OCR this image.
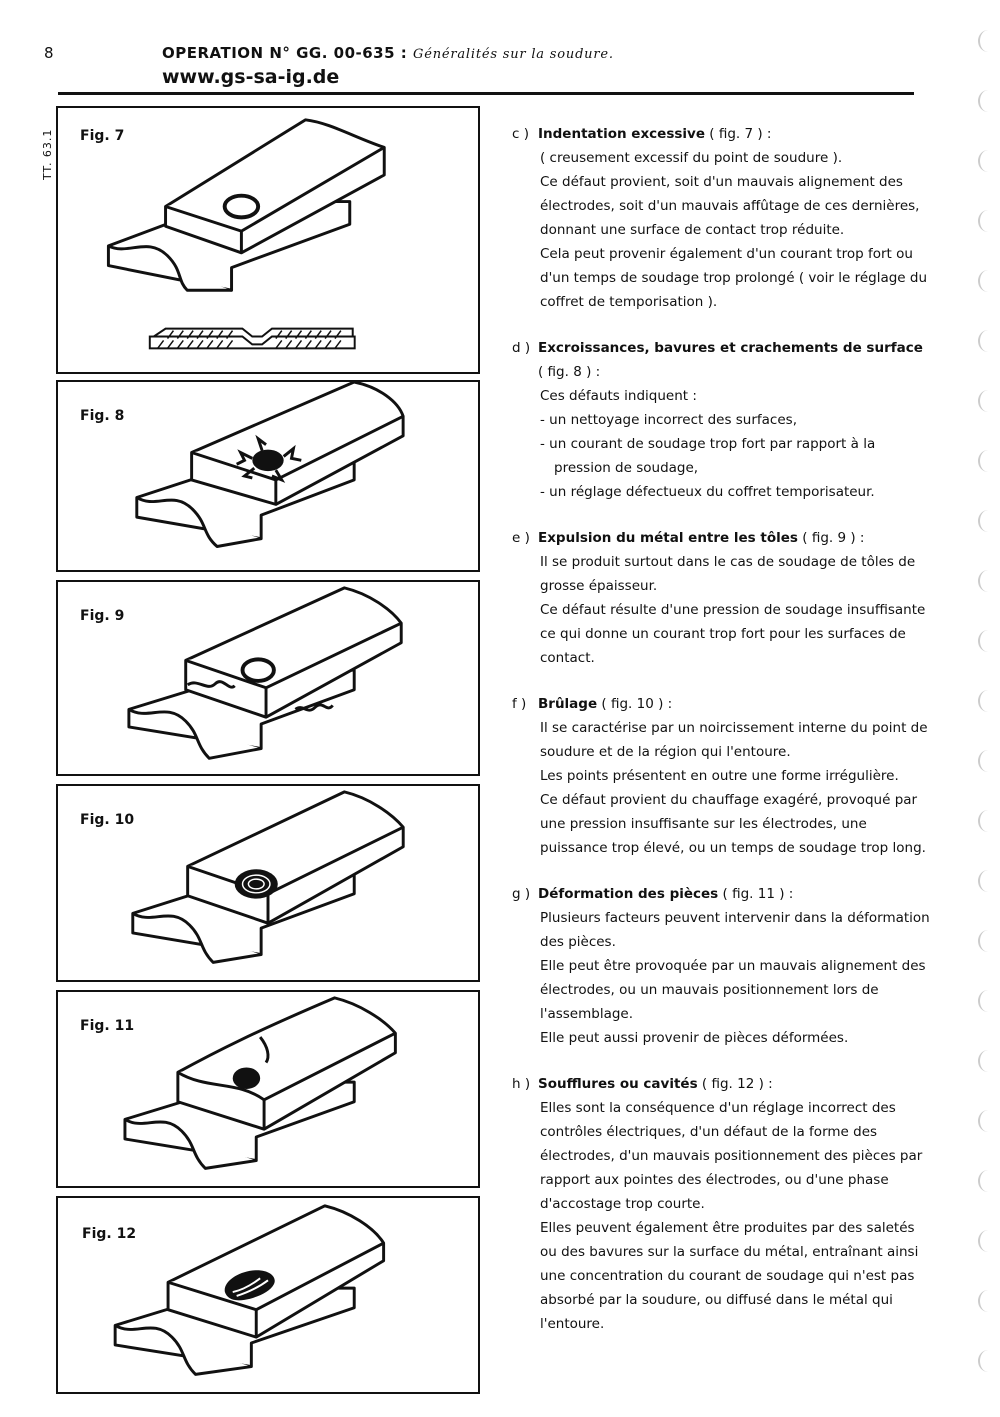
8	OPERATION N° GG. 00-635 : Généralités sur la soudure.
www.gs-sa-ig.de
TT. 63.1 Fig. 7
Fig. 8
Fig. 9
Fig. 10
Fig. 11
Fig. 12
c ) Indentation excessive ( fig. 7 ) :

( creusement excessif du point de soudure ).

Ce défaut provient, soit d'un mauvais alignement des électrodes, soit d'un mauvais affûtage de ces dernières, donnant une surface de contact trop réduite.

Cela peut provenir également d'un courant trop fort ou d'un temps de soudage trop prolongé ( voir le réglage du coffret de temporisation ).

d ) Excroissances, bavures et crachements de surface ( fig. 8 ) :

Ces défauts indiquent :

- un nettoyage incorrect des surfaces,
- un courant de soudage trop fort par rapport à la
pression de soudage,
- un réglage défectueux du coffret temporisateur.
e ) Expulsion du métal entre les tôles ( fig. 9 ) :

Il se produit surtout dans le cas de soudage de tôles de grosse épaisseur.

Ce défaut résulte d'une pression de soudage insuffisante ce qui donne un courant trop fort pour les surfaces de contact.

f ) Brûlage ( fig. 10 ) :

Il se caractérise par un noircissement interne du point de soudure et de la région qui l'entoure.

Les points présentent en outre une forme irrégulière.

Ce défaut provient du chauffage exagéré, provoqué par une pression insuffisante sur les électrodes, une puissance trop élevé, ou un temps de soudage trop long.

g ) Déformation des pièces ( fig. 11 ) :

Plusieurs facteurs peuvent intervenir dans la déformation des pièces.

Elle peut être provoquée par un mauvais alignement des électrodes, ou un mauvais positionnement lors de l'assemblage.

Elle peut aussi provenir de pièces déformées.

h ) Soufflures ou cavités ( fig. 12 ) :

Elles sont la conséquence d'un réglage incorrect des contrôles électriques, d'un défaut de la forme des électrodes, d'un mauvais positionnement des pièces par rapport aux pointes des électrodes, ou d'une phase d'accostage trop courte.

Elles peuvent également être produites par des saletés ou des bavures sur la surface du métal, entraînant ainsi une concentration du courant de soudage qui n'est pas absorbé par la soudure, ou diffusé dans le métal qui l'entoure.
